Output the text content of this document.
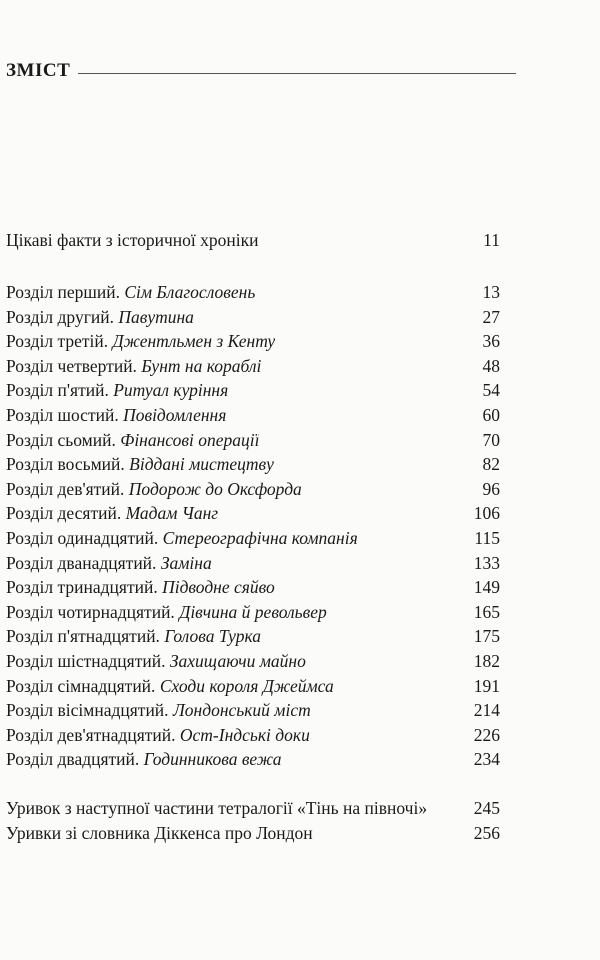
ЗМІСТ
Цікаві факти з історичної хроніки	11
Розділ перший. Сім Благословень	13
Розділ другий. Павутина	27
Розділ третій. Джентльмен з Кенту	36
Розділ четвертий. Бунт на кораблі	48
Розділ п'ятий. Ритуал куріння	54
Розділ шостий. Повідомлення	60
Розділ сьомий. Фінансові операції	70
Розділ восьмий. Віддані мистецтву	82
Розділ дев'ятий. Подорож до Оксфорда	96
Розділ десятий. Мадам Чанг	106
Розділ одинадцятий. Стереографічна компанія	115
Розділ дванадцятий. Заміна	133
Розділ тринадцятий. Підводне сяйво	149
Розділ чотирнадцятий. Дівчина й револьвер	165
Розділ п'ятнадцятий. Голова Турка	175
Розділ шістнадцятий. Захищаючи майно	182
Розділ сімнадцятий. Сходи короля Джеймса	191
Розділ вісімнадцятий. Лондонський міст	214
Розділ дев'ятнадцятий. Ост-Індські доки	226
Розділ двадцятий. Годинникова вежа	234
Уривок з наступної частини тетралогії «Тінь на півночі»	245
Уривки зі словника Діккенса про Лондон	256
